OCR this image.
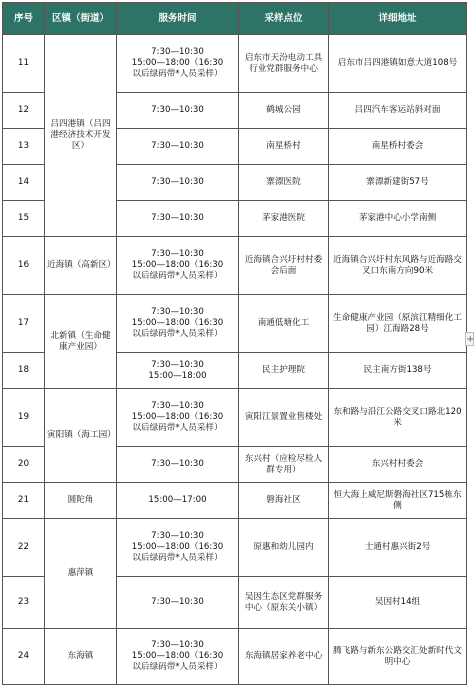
序号	区镇（街道）	服务时间	采样点位	详细地址
11	吕四港镇（吕四港经济技术开发区）	7:30—10:30
15:00—18:00（16:30
以后绿码带*人员采样）	启东市天汾电动工具行业党群服务中心	启东市吕四港镇如意大道108号
12		7:30—10:30	鹤城公园	吕四汽车客运站斜对面
13		7:30—10:30	南星桥村	南星桥村委会
14		7:30—10:30	寨漂医院	寨漂新建街57号
15		7:30—10:30	茅家港医院	茅家港中心小学南侧
16	近海镇（高新区）	7:30—10:30
15:00—18:00（16:30
以后绿码带*人员采样）	近海镇合兴圩村村委会后面	近海镇合兴圩村东风路与近海路交叉口东南方向90米
17	北新镇（生命健康产业园）	7:30—10:30
15:00—18:00（16:30
以后绿码带*人员采样）	南通低塘化工	生命健康产业园（原滨江精细化工园）江海路28号
18		7:30—10:30
15:00—18:00	民主护理院	民主南方街138号
19	寅阳镇（海工园）	7:30—10:30
15:00—18:00（16:30
以后绿码带*人员采样）	寅阳江景置业售楼处	东和路与沿江公路交叉口路北120米
20		7:30—10:30	东兴村（应检尽检人群专用）	东兴村村委会
21	圆陀角	15:00—17:00	磐海社区	恒大海上威尼斯磐海社区715栋东侧
22	惠萍镇	7:30—10:30
15:00—18:00（16:30
以后绿码带*人员采样）	原惠和幼儿园内	士通村惠兴街2号
23		7:30—10:30	吴因生态区党群服务中心（原东关小镇）	吴因村14组
24	东海镇	7:30—10:30
15:00—18:00（16:30
以后绿码带*人员采样）	东海镇居家养老中心	腾飞路与新东公路交汇处新时代文明中心
+
